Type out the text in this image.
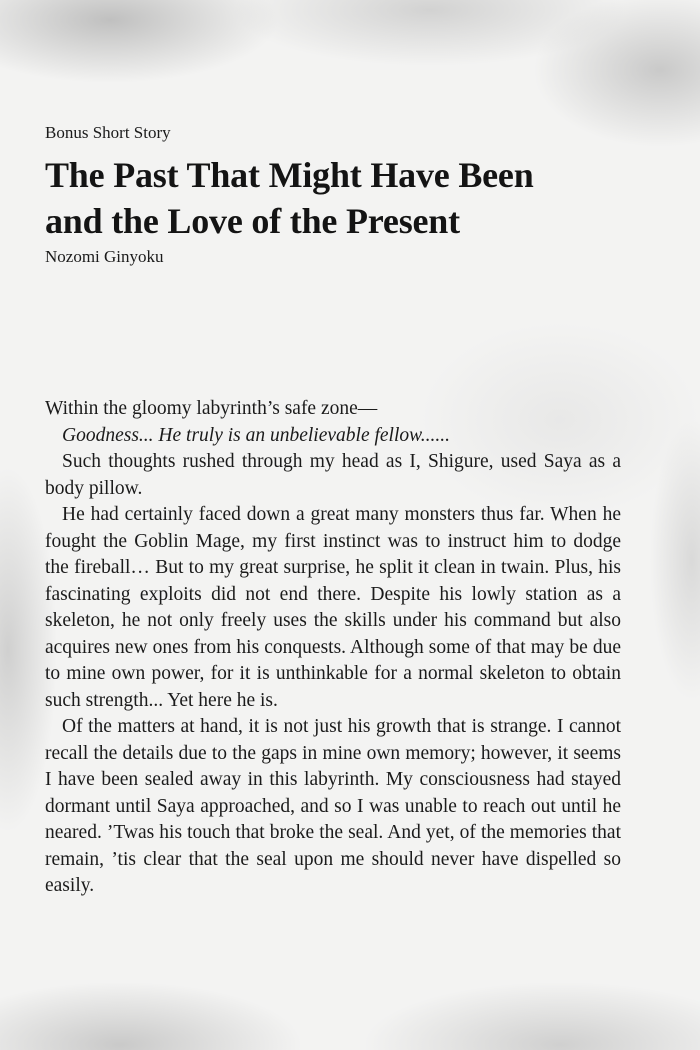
Bonus Short Story

The Past That Might Have Been
and the Love of the Present

Nozomi Ginyoku

Within the gloomy labyrinth’s safe zone—

Goodness... He truly is an unbelievable fellow......

Such thoughts rushed through my head as I, Shigure, used Saya as a body pillow.

He had certainly faced down a great many monsters thus far. When he fought the Goblin Mage, my first instinct was to instruct him to dodge the fireball… But to my great surprise, he split it clean in twain. Plus, his fascinating exploits did not end there. Despite his lowly station as a skeleton, he not only freely uses the skills under his command but also acquires new ones from his conquests. Although some of that may be due to mine own power, for it is unthinkable for a normal skeleton to obtain such strength... Yet here he is.

Of the matters at hand, it is not just his growth that is strange. I cannot recall the details due to the gaps in mine own memory; however, it seems I have been sealed away in this labyrinth. My consciousness had stayed dormant until Saya approached, and so I was unable to reach out until he neared. ’Twas his touch that broke the seal. And yet, of the memories that remain, ’tis clear that the seal upon me should never have dispelled so easily.
